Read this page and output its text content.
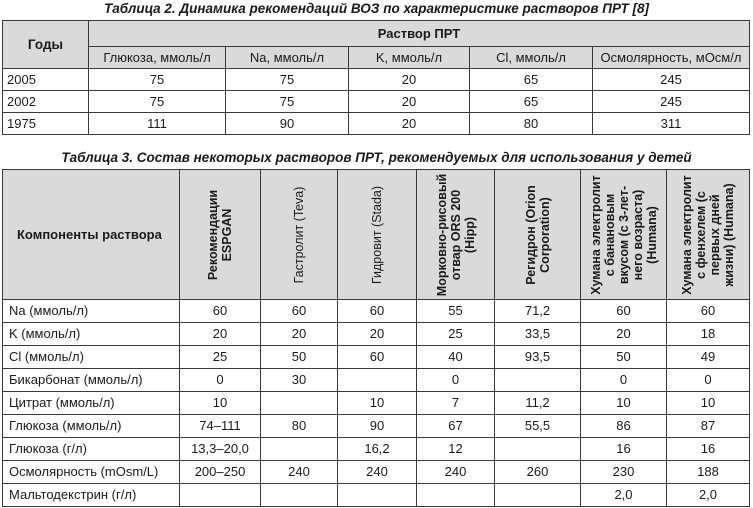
Таблица 2. Динамика рекомендаций ВОЗ по характеристике растворов ПРТ [8]
Годы	Раствор ПРТ				
	Глюкоза, ммоль/л	Na, ммоль/л	K, ммоль/л	Cl, ммоль/л	Осмолярность, мОсм/л
2005	75	75	20	65	245
2002	75	75	20	65	245
1975	111	90	20	80	311
Таблица 3. Состав некоторых растворов ПРТ, рекомендуемых для использования у детей
Компоненты раствора	Рекомендации ESPGAN	Гастролит (Teva)	Гидровит (Stada)	Морковно-рисовый отвар ORS 200 (Hipp)	Регидрон (Orion Corporation)	Хумана электролит с банановым вкусом (с 3-лет-него возраста) (Humana)	Хумана электролит с фенхелем (с первых дней жизни) (Humana)

Na (ммоль/л)	60	60	60	55	71,2	60	60
K (ммоль/л)	20	20	20	25	33,5	20	18
Cl (ммоль/л)	25	50	60	40	93,5	50	49
Бикарбонат (ммоль/л)	0	30		0		0	0
Цитрат (ммоль/л)	10		10	7	11,2	10	10
Глюкоза (ммоль/л)	74–111	80	90	67	55,5	86	87
Глюкоза (г/л)	13,3–20,0		16,2	12		16	16
Осмолярность (mOsm/L)	200–250	240	240	240	260	230	188
Мальтодекстрин (г/л)						2,0	2,0
